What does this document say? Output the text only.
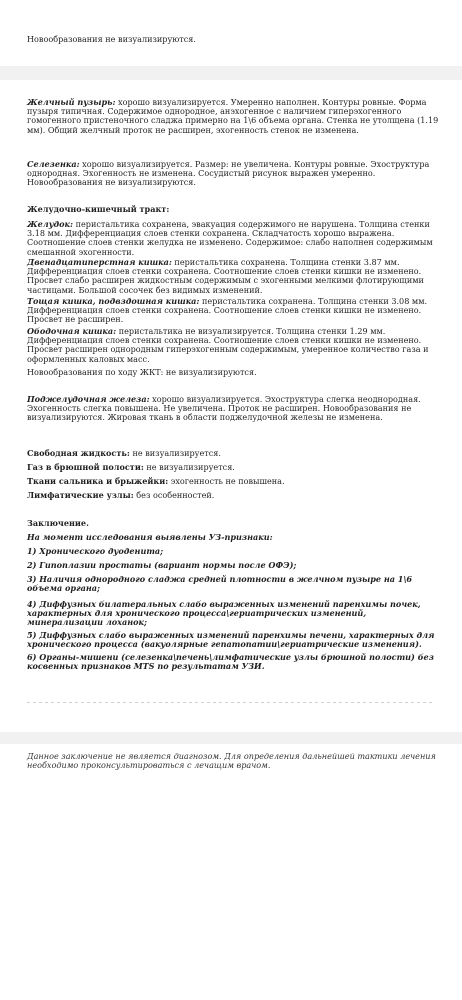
Новообразования не визуализируются.

Желчный пузырь: хорошо визуализируется. Умеренно наполнен. Контуры ровные. Форма пузыря типичная. Содержимое однородное, анэхогенное с наличием гиперэхогенного гомогенного пристеночного сладжа примерно на 1\6 объема органа. Стенка не утолщена (1.19 мм). Общий желчный проток не расширен, эхогенность стенок не изменена.

Селезенка: хорошо визуализируется. Размер: не увеличена. Контуры ровные. Эхоструктура однородная. Эхогенность не изменена. Сосудистый рисунок выражен умеренно. Новообразования не визуализируются.

Желудочно-кишечный тракт:

Желудок: перистальтика сохранена, эвакуация содержимого не нарушена. Толщина стенки 3.18 мм. Дифференциация слоев стенки сохранена. Складчатость хорошо выражена. Соотношение слоев стенки желудка не изменено. Содержимое: слабо наполнен содержимым смешанной эхогенности.

Двенадцатиперстная кишка: перистальтика сохранена. Толщина стенки 3.87 мм. Дифференциация слоев стенки сохранена. Соотношение слоев стенки кишки не изменено. Просвет слабо расширен жидкостным содержимым с эхогенными мелкими флотирующими частицами. Большой сосочек без видимых изменений.

Тощая кишка, подвздошная кишка: перистальтика сохранена. Толщина стенки 3.08 мм. Дифференциация слоев стенки сохранена. Соотношение слоев стенки кишки не изменено. Просвет не расширен.

Ободочная кишка: перистальтика не визуализируется. Толщина стенки 1.29 мм. Дифференциация слоев стенки сохранена. Соотношение слоев стенки кишки не изменено. Просвет расширен однородным гиперэхогенным содержимым, умеренное количество газа и оформленных каловых масс.

Новообразования по ходу ЖКТ: не визуализируются.

Поджелудочная железа: хорошо визуализируется. Эхоструктура слегка неоднородная. Эхогенность слегка повышена. Не увеличена. Проток не расширен. Новообразования не визуализируются. Жировая ткань в области поджелудочной железы не изменена.

Свободная жидкость: не визуализируется.

Газ в брюшной полости: не визуализируется.

Ткани сальника и брыжейки: эхогенность не повышена.

Лимфатические узлы: без особенностей.

Заключение.

На момент исследования выявлены УЗ-признаки:

1) Хронического дуоденита;

2) Гипоплазии простаты (вариант нормы после ОФЭ);

3) Наличия однородного сладжа средней плотности в желчном пузыре на 1\6 объема органа;

4) Диффузных билатеральных слабо выраженных изменений паренхимы почек, характерных для хронического процесса\гериатрических изменений, минерализации лоханок;

5) Диффузных слабо выраженных изменений паренхимы печени, характерных для хронического процесса (вакуолярные гепатопатии\гериатрические изменения).

6) Органы-мишени (селезенка\печень\лимфатические узлы брюшной полости) без косвенных признаков MTS по результатам УЗИ.

Данное заключение не является диагнозом. Для определения дальнейшей тактики лечения необходимо проконсультироваться с лечащим врачом.
